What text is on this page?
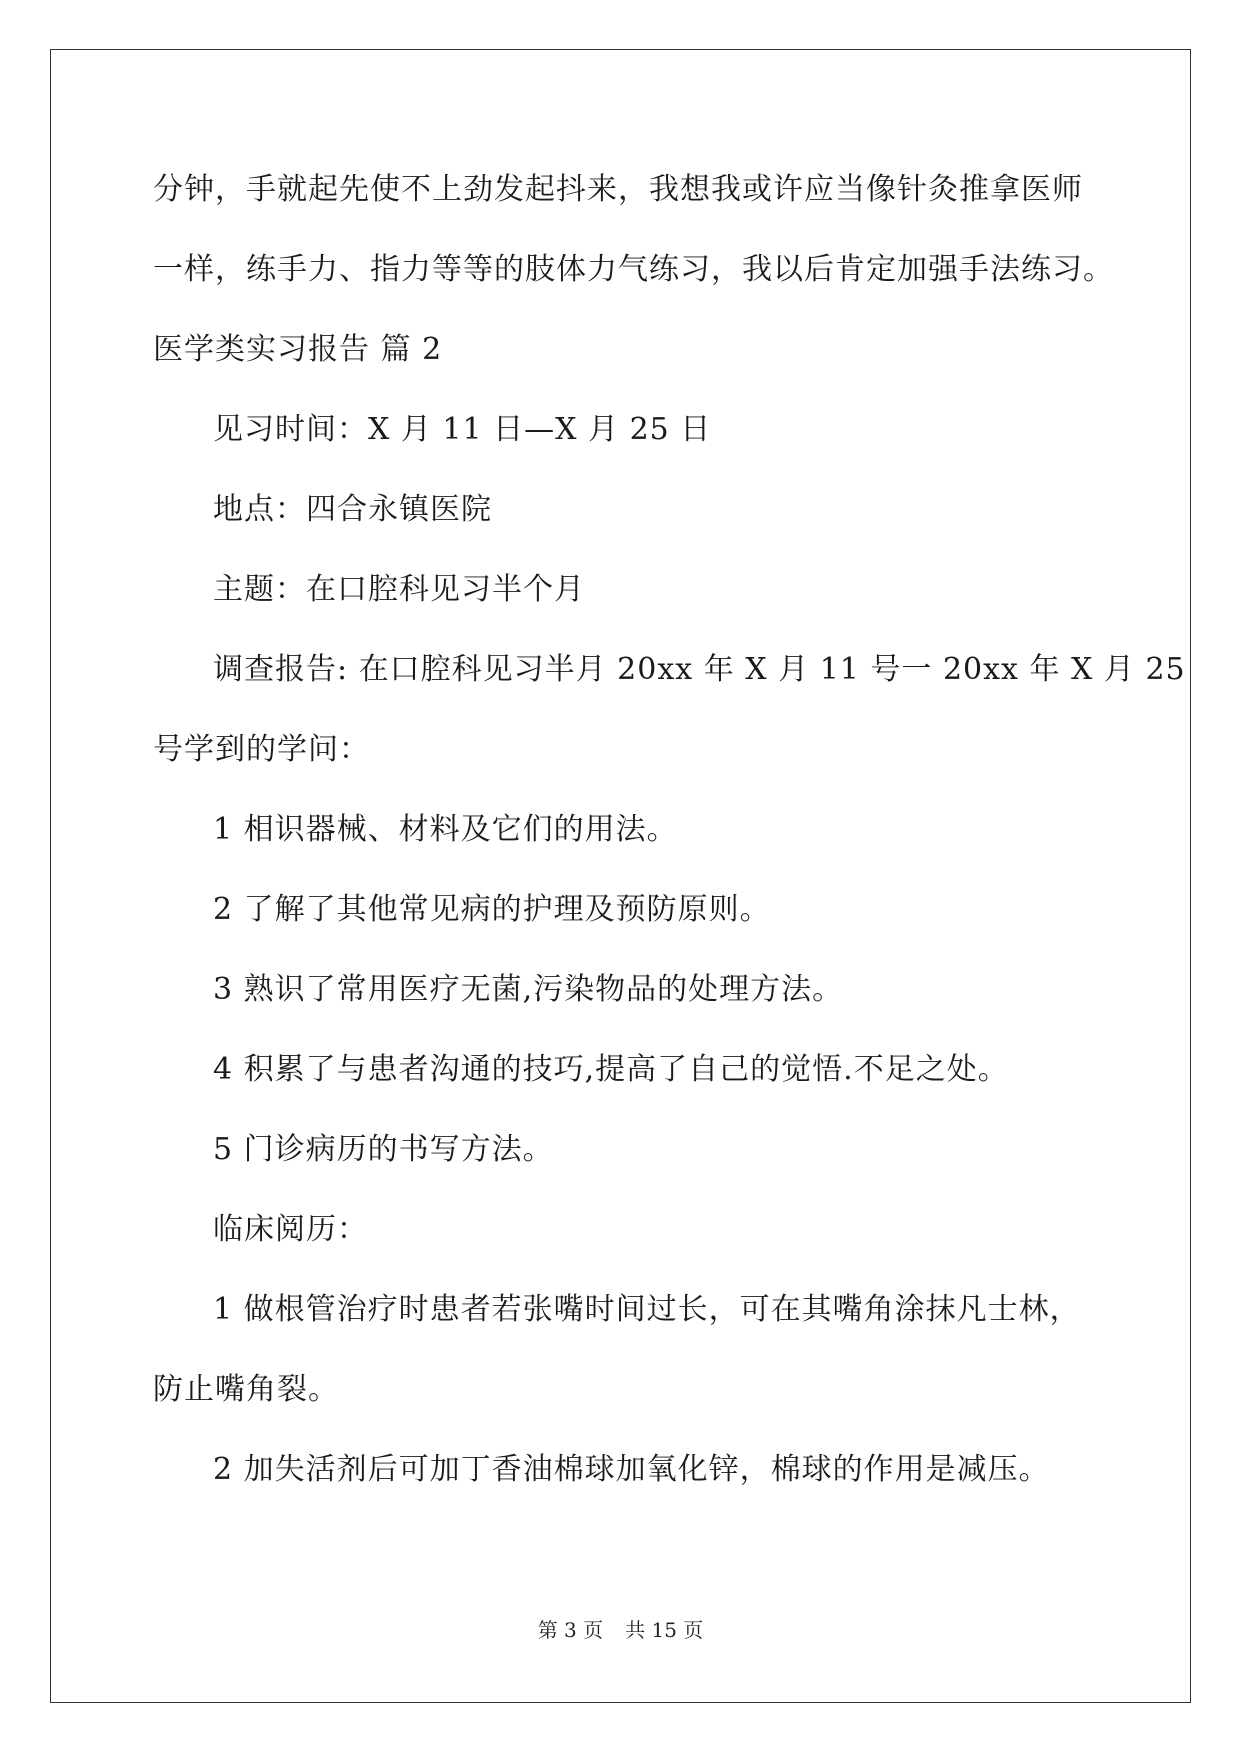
分钟，手就起先使不上劲发起抖来，我想我或许应当像针灸推拿医师
一样，练手力、指力等等的肢体力气练习，我以后肯定加强手法练习。
医学类实习报告 篇 2
见习时间：X 月 11 日—X 月 25 日
地点：四合永镇医院
主题：在口腔科见习半个月
调查报告: 在口腔科见习半月 20xx 年 X 月 11 号一 20xx 年 X 月 25
号学到的学问：
1 相识器械、材料及它们的用法。
2 了解了其他常见病的护理及预防原则。
3 熟识了常用医疗无菌,污染物品的处理方法。
4 积累了与患者沟通的技巧,提高了自己的觉悟.不足之处。
5 门诊病历的书写方法。
临床阅历：
1 做根管治疗时患者若张嘴时间过长，可在其嘴角涂抹凡士林，
防止嘴角裂。
2 加失活剂后可加丁香油棉球加氧化锌，棉球的作用是减压。
第 3 页 共 15 页
